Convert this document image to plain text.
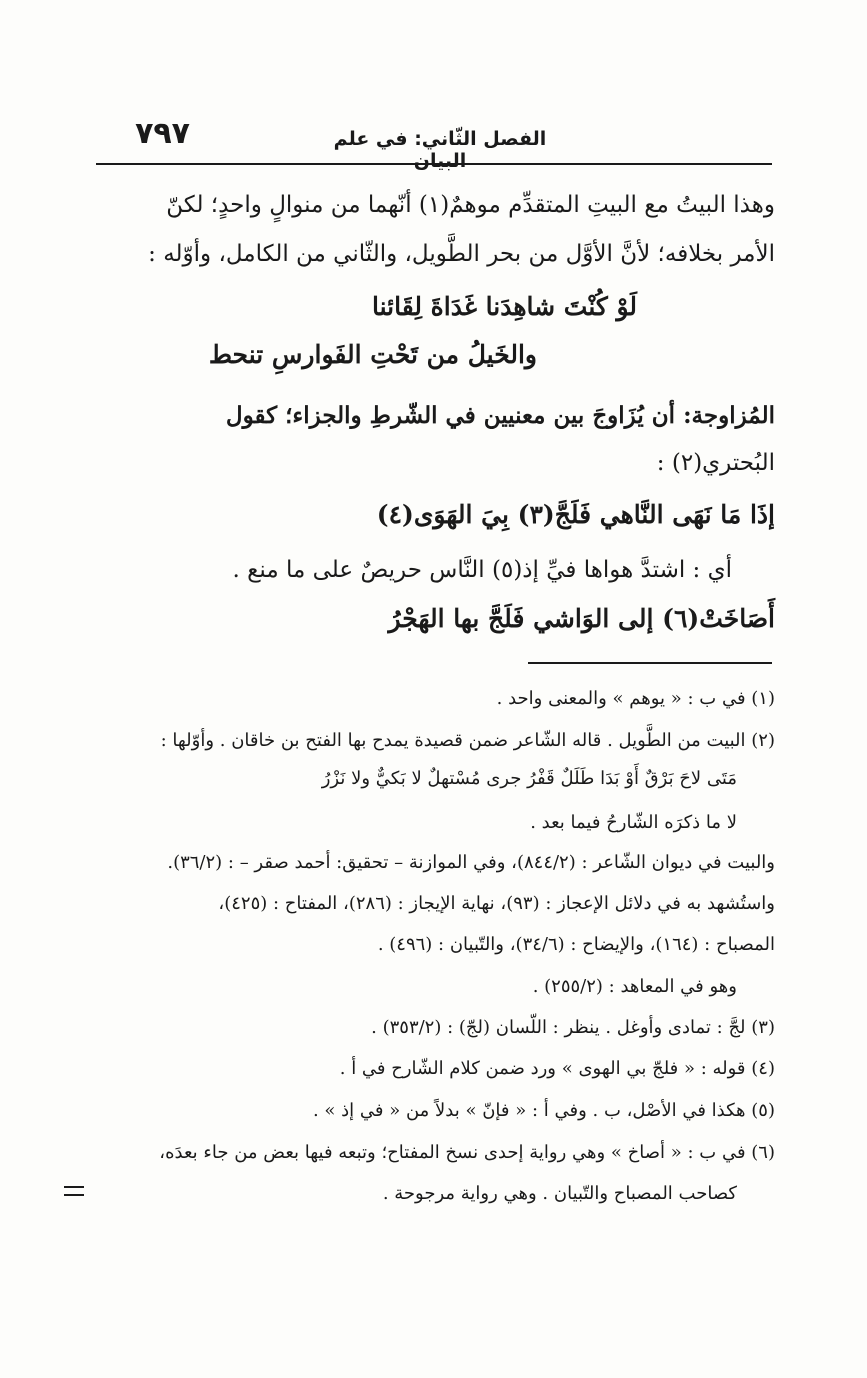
الفصل الثّاني: في علم البيان
٧٩٧
وهذا البيتُ مع البيتِ المتقدِّم موهمٌ(١) أنّهما من منوالٍ واحدٍ؛ لكنّ
الأمر بخلافه؛ لأنَّ الأوَّل من بحر الطَّويل، والثّاني من الكامل، وأوّله :
لَوْ كُنْتَ شاهِدَنا غَدَاةَ لِقَائنا
والخَيلُ من تَحْتِ الفَوارسِ تنحط
المُزاوجة: أن يُزَاوجَ بين معنيين في الشّرطِ والجزاء؛ كقول
البُحتري(٢) :
إذَا مَا نَهَى النَّاهي فَلَجَّ(٣) بِيَ الهَوَى(٤)
أي : اشتدَّ هواها فيِّ إذ(٥) النَّاس حريصٌ على ما منع .
أَصَاخَتْ(٦) إلى الوَاشي فَلَجَّ بها الهَجْرُ
(١) في ب : « يوهم » والمعنى واحد .
(٢) البيت من الطَّويل . قاله الشّاعر ضمن قصيدة يمدح بها الفتح بن خاقان . وأوّلها :
مَتَى لاحَ بَرْقٌ أَوْ بَدَا طَلَلٌ قَفْرُ جرى مُسْتهلٌ لا بَكيٌّ ولا نَزْرُ
لا ما ذكرَه الشّارحُ فيما بعد .
والبيت في ديوان الشّاعر : (٨٤٤/٢)، وفي الموازنة – تحقيق: أحمد صقر – : (٣٦/٢).
واستُشهد به في دلائل الإعجاز : (٩٣)، نهاية الإيجاز : (٢٨٦)، المفتاح : (٤٢٥)،
المصباح : (١٦٤)، والإيضاح : (٣٤/٦)، والتّبيان : (٤٩٦) .
وهو في المعاهد : (٢٥٥/٢) .
(٣) لجَّ : تمادى وأوغل . ينظر : اللّسان (لجّ) : (٣٥٣/٢) .
(٤) قوله : « فلجّ بي الهوى » ورد ضمن كلام الشّارح في أ .
(٥) هكذا في الأصْل، ب . وفي أ : « فإنّ » بدلاً من « في إذ » .
(٦) في ب : « أصاخ » وهي رواية إحدى نسخ المفتاح؛ وتبعه فيها بعض من جاء بعدَه،
كصاحب المصباح والتّبيان . وهي رواية مرجوحة .
